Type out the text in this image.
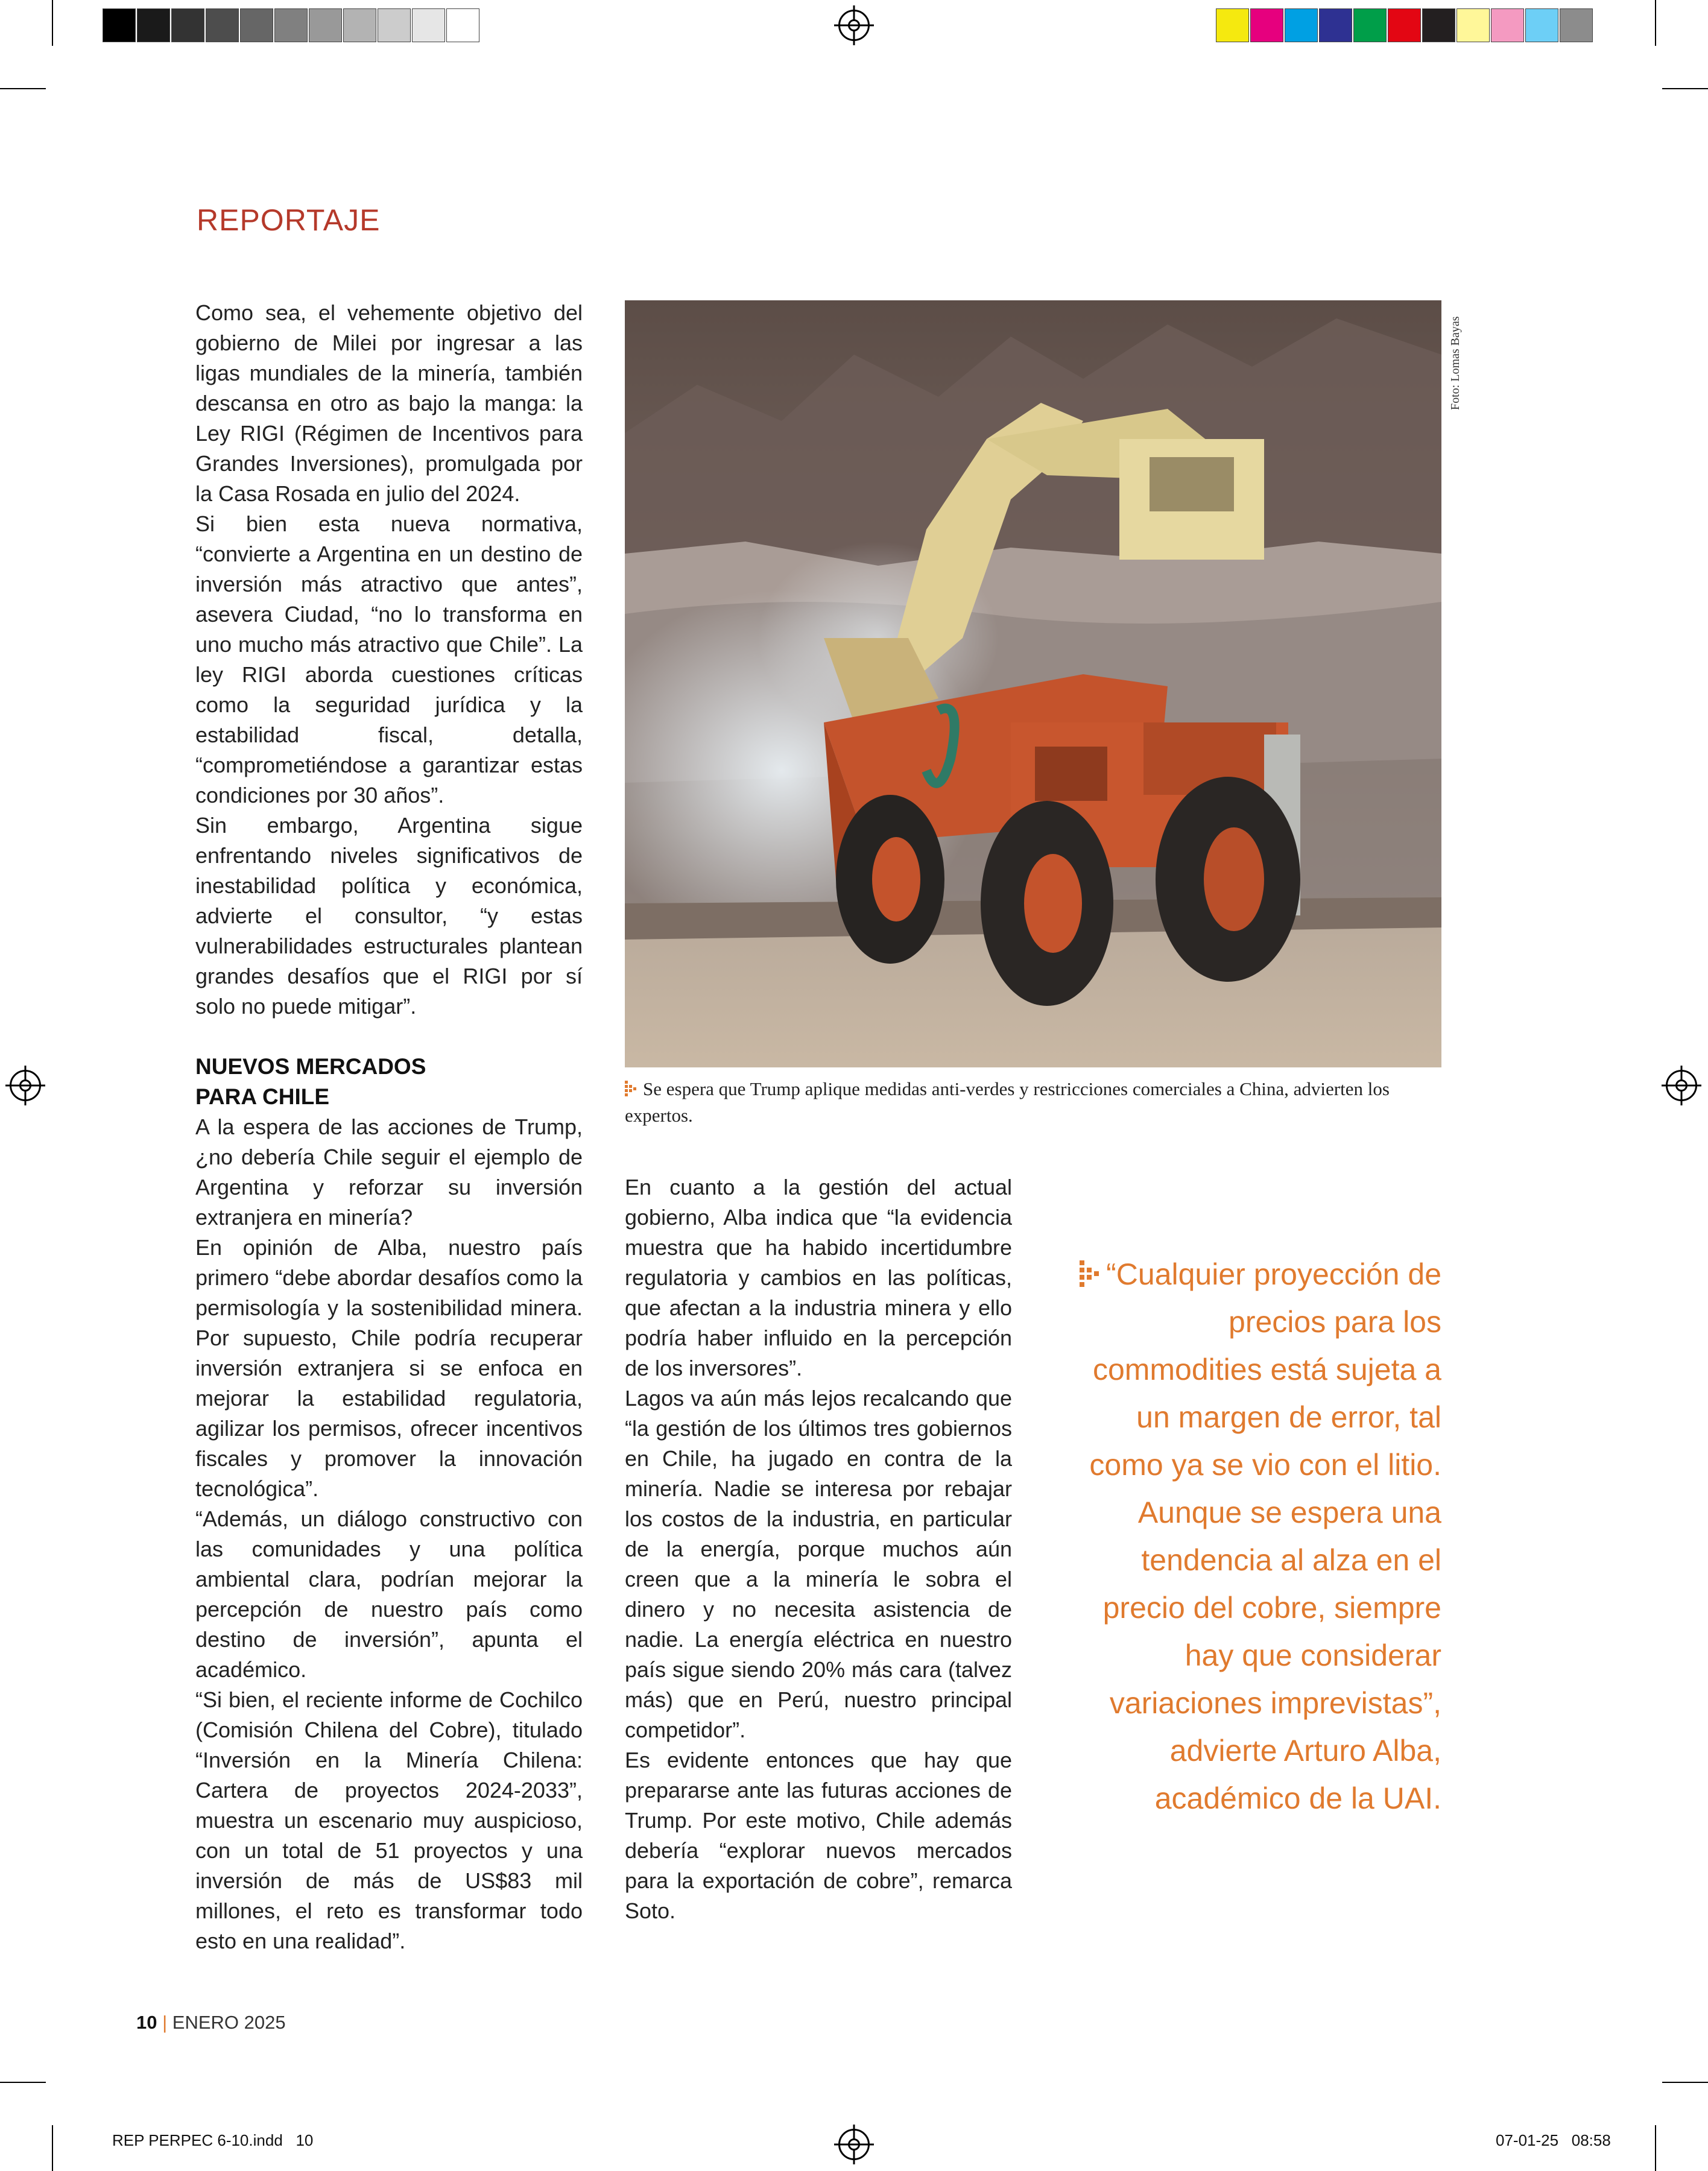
REPORTAJE

Como sea, el vehemente objetivo del gobierno de Milei por ingresar a las ligas mundiales de la minería, también descansa en otro as bajo la manga: la Ley RIGI (Régimen de Incentivos para Grandes Inversiones), promulgada por la Casa Rosada en julio del 2024.

Si bien esta nueva normativa, “convierte a Argentina en un destino de inversión más atractivo que antes”, asevera Ciudad, “no lo transforma en uno mucho más atractivo que Chile”. La ley RIGI aborda cuestiones críticas como la seguridad jurídica y la estabilidad fiscal, detalla, “comprometiéndose a garantizar estas condiciones por 30 años”.

Sin embargo, Argentina sigue enfrentando niveles significativos de inestabilidad política y económica, advierte el consultor, “y estas vulnerabilidades estructurales plantean grandes desafíos que el RIGI por sí solo no puede mitigar”.

NUEVOS MERCADOS
PARA CHILE

A la espera de las acciones de Trump, ¿no debería Chile seguir el ejemplo de Argentina y reforzar su inversión extranjera en minería?

En opinión de Alba, nuestro país primero “debe abordar desafíos como la permisología y la sostenibilidad minera. Por supuesto, Chile podría recuperar inversión extranjera si se enfoca en mejorar la estabilidad regulatoria, agilizar los permisos, ofrecer incentivos fiscales y promover la innovación tecnológica”.

“Además, un diálogo constructivo con las comunidades y una política ambiental clara, podrían mejorar la percepción de nuestro país como destino de inversión”, apunta el académico.

“Si bien, el reciente informe de Cochilco (Comisión Chilena del Cobre), titulado “Inversión en la Minería Chilena: Cartera de proyectos 2024-2033”, muestra un escenario muy auspicioso, con un total de 51 proyectos y una inversión de más de US$83 mil millones, el reto es transformar todo esto en una realidad”.

Foto: Lomas Bayas
Se espera que Trump aplique medidas anti-verdes y restricciones comerciales a China, advierten los expertos.

En cuanto a la gestión del actual gobierno, Alba indica que “la evidencia muestra que ha habido incertidumbre regulatoria y cambios en las políticas, que afectan a la industria minera y ello podría haber influido en la percepción de los inversores”.

Lagos va aún más lejos recalcando que “la gestión de los últimos tres gobiernos en Chile, ha jugado en contra de la minería. Nadie se interesa por rebajar los costos de la industria, en particular de la energía, porque muchos aún creen que a la minería le sobra el dinero y no necesita asistencia de nadie. La energía eléctrica en nuestro país sigue siendo 20% más cara (talvez más) que en Perú, nuestro principal competidor”.

Es evidente entonces que hay que prepararse ante las futuras acciones de Trump. Por este motivo, Chile además debería “explorar nuevos mercados para la exportación de cobre”, remarca Soto.

“Cualquier proyección de precios para los commodities está sujeta a un margen de error, tal como ya se vio con el litio. Aunque se espera una tendencia al alza en el precio del cobre, siempre hay que considerar variaciones imprevistas”, advierte Arturo Alba, académico de la UAI.
10 | ENERO 2025
REP PERPEC 6-10.indd   10	07-01-25   08:58
